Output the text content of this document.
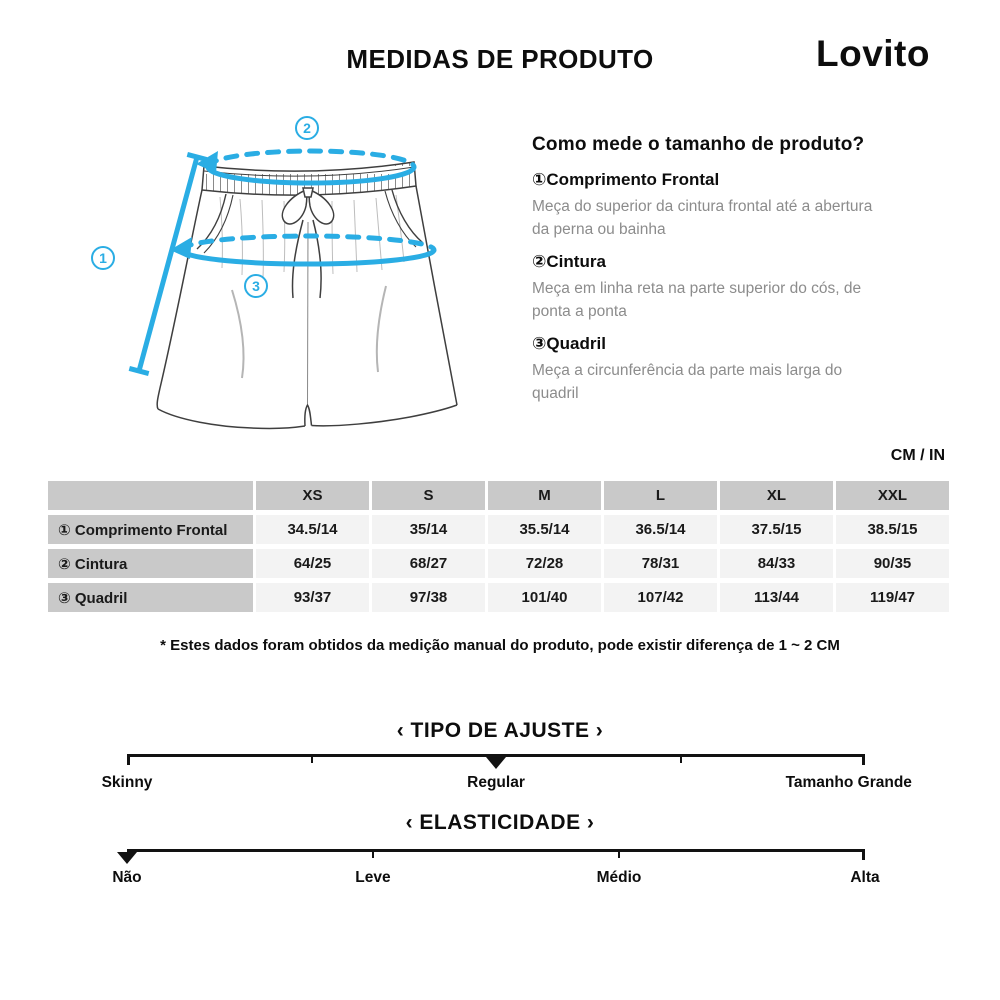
MEDIDAS DE PRODUTO	Lovito
2
1
3
Como mede o tamanho de produto?
①Comprimento Frontal
Meça do superior da cintura frontal até a abertura
da perna ou bainha
②Cintura
Meça em linha reta na parte superior do cós, de
ponta a ponta
③Quadril
Meça a circunferência da parte mais larga do
quadril
CM / IN
	XS	S	M	L	XL	XXL
① Comprimento Frontal	34.5/14	35/14	35.5/14	36.5/14	37.5/15	38.5/15
② Cintura	64/25	68/27	72/28	78/31	84/33	90/35
③ Quadril	93/37	97/38	101/40	107/42	113/44	119/47
* Estes dados foram obtidos da medição manual do produto, pode existir diferença de 1 ~ 2 CM
‹ TIPO DE AJUSTE ›
Skinny	Regular	Tamanho Grande
‹ ELASTICIDADE ›
Não	Leve	Médio	Alta
